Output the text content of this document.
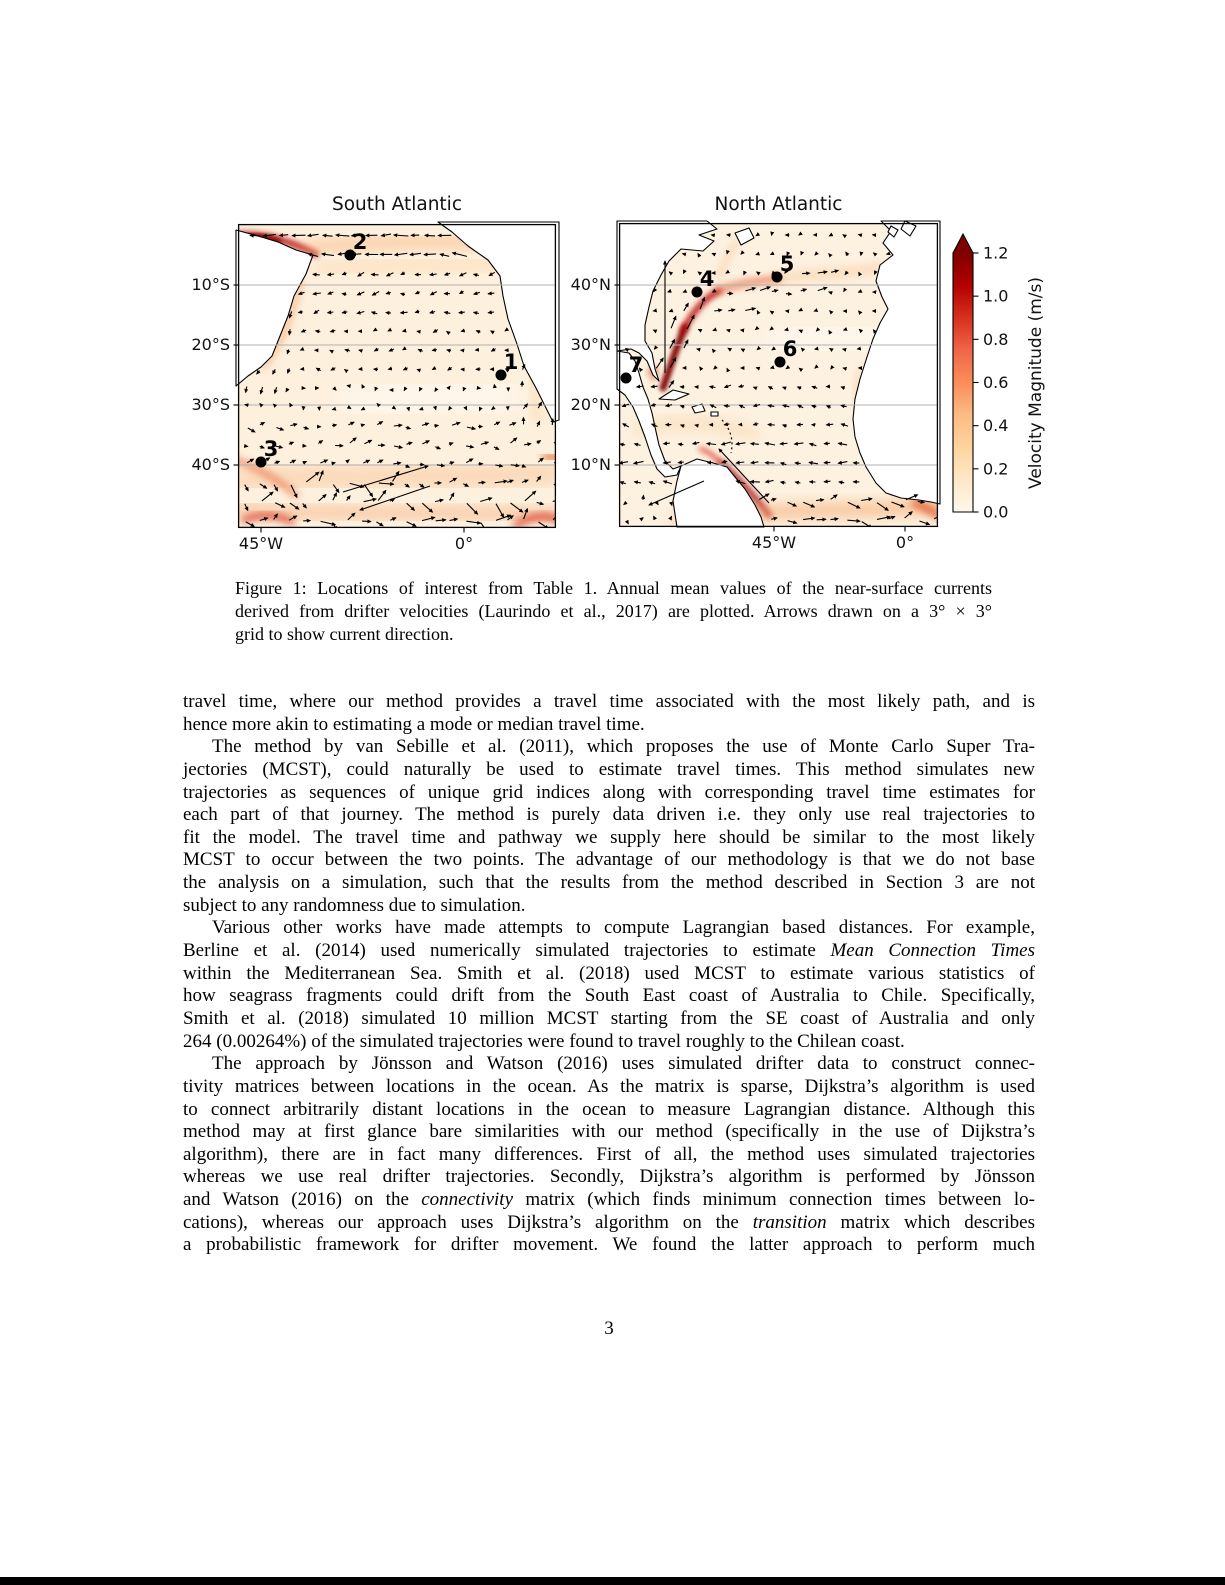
South Atlantic	North Atlantic
1
2
3
4
5
6
7
0.0
0.2
0.4
0.6
0.8
1.0
1.2
Velocity Magnitude (m/s)
Figure 1: Locations of interest from Table 1. Annual mean values of the near-surface currents
derived from drifter velocities (Laurindo et al., 2017) are plotted. Arrows drawn on a 3° × 3°
grid to show current direction.
travel time, where our method provides a travel time associated with the most likely path, and is
hence more akin to estimating a mode or median travel time.
The method by van Sebille et al. (2011), which proposes the use of Monte Carlo Super Tra-
jectories (MCST), could naturally be used to estimate travel times. This method simulates new
trajectories as sequences of unique grid indices along with corresponding travel time estimates for
each part of that journey. The method is purely data driven i.e. they only use real trajectories to
fit the model. The travel time and pathway we supply here should be similar to the most likely
MCST to occur between the two points. The advantage of our methodology is that we do not base
the analysis on a simulation, such that the results from the method described in Section 3 are not
subject to any randomness due to simulation.
Various other works have made attempts to compute Lagrangian based distances. For example,
Berline et al. (2014) used numerically simulated trajectories to estimate Mean Connection Times
within the Mediterranean Sea. Smith et al. (2018) used MCST to estimate various statistics of
how seagrass fragments could drift from the South East coast of Australia to Chile. Specifically,
Smith et al. (2018) simulated 10 million MCST starting from the SE coast of Australia and only
264 (0.00264%) of the simulated trajectories were found to travel roughly to the Chilean coast.
The approach by Jönsson and Watson (2016) uses simulated drifter data to construct connec-
tivity matrices between locations in the ocean. As the matrix is sparse, Dijkstra’s algorithm is used
to connect arbitrarily distant locations in the ocean to measure Lagrangian distance. Although this
method may at first glance bare similarities with our method (specifically in the use of Dijkstra’s
algorithm), there are in fact many differences. First of all, the method uses simulated trajectories
whereas we use real drifter trajectories. Secondly, Dijkstra’s algorithm is performed by Jönsson
and Watson (2016) on the connectivity matrix (which finds minimum connection times between lo-
cations), whereas our approach uses Dijkstra’s algorithm on the transition matrix which describes
a probabilistic framework for drifter movement. We found the latter approach to perform much
3
10°S
20°S
30°S
40°S
45°W	0°
40°N
30°N
20°N
10°N
45°W	0°
